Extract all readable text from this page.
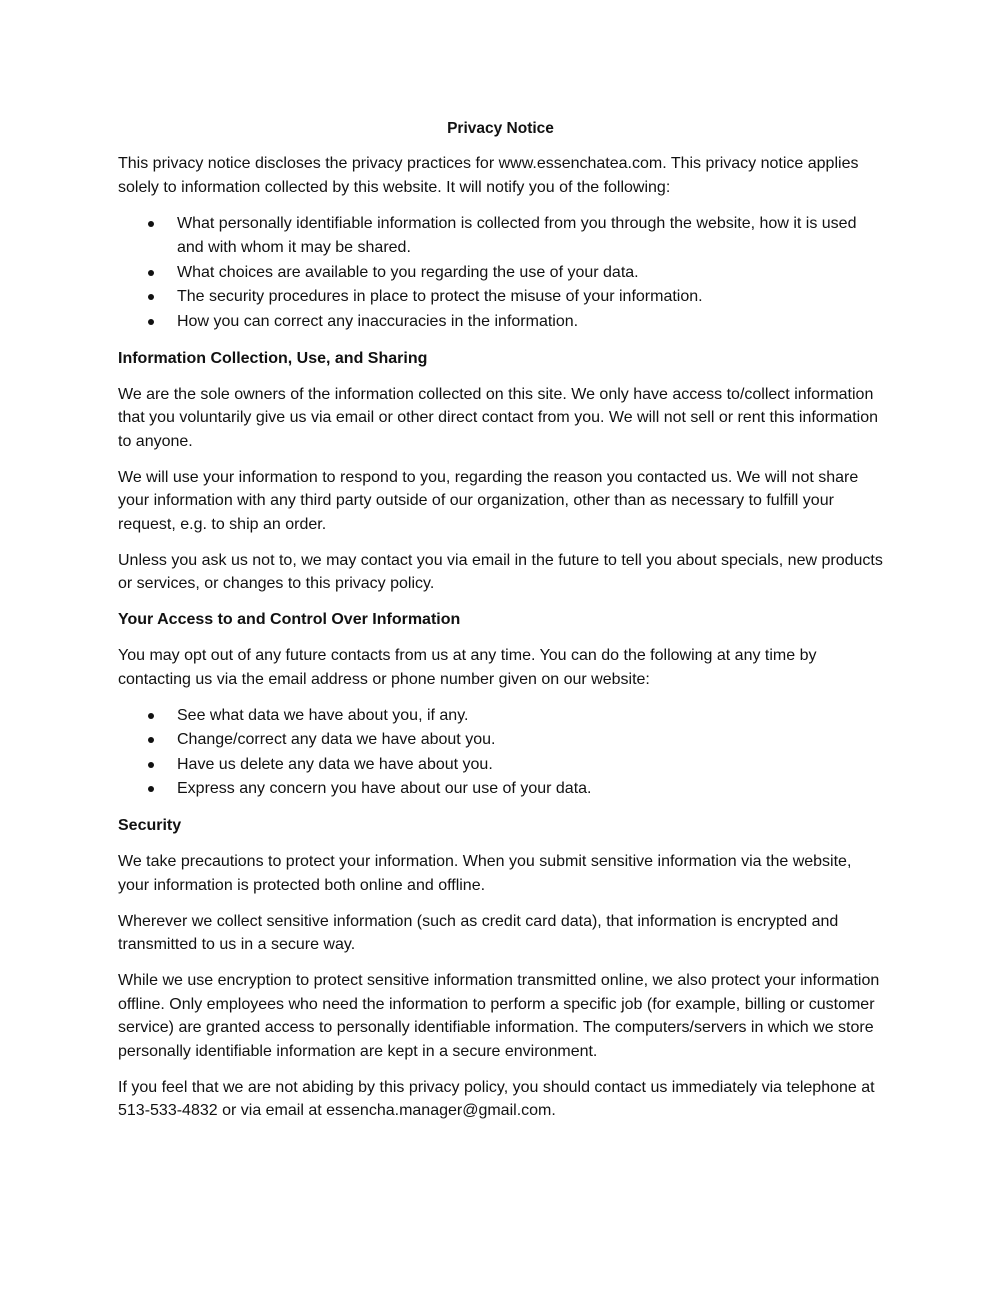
Privacy Notice

This privacy notice discloses the privacy practices for www.essenchatea.com. This privacy notice applies solely to information collected by this website. It will notify you of the following:

What personally identifiable information is collected from you through the website, how it is used and with whom it may be shared.
What choices are available to you regarding the use of your data.
The security procedures in place to protect the misuse of your information.
How you can correct any inaccuracies in the information.
Information Collection, Use, and Sharing

We are the sole owners of the information collected on this site. We only have access to/collect information that you voluntarily give us via email or other direct contact from you. We will not sell or rent this information to anyone.

We will use your information to respond to you, regarding the reason you contacted us. We will not share your information with any third party outside of our organization, other than as necessary to fulfill your request, e.g. to ship an order.

Unless you ask us not to, we may contact you via email in the future to tell you about specials, new products or services, or changes to this privacy policy.

Your Access to and Control Over Information

You may opt out of any future contacts from us at any time. You can do the following at any time by contacting us via the email address or phone number given on our website:

See what data we have about you, if any.
Change/correct any data we have about you.
Have us delete any data we have about you.
Express any concern you have about our use of your data.
Security

We take precautions to protect your information. When you submit sensitive information via the website, your information is protected both online and offline.

Wherever we collect sensitive information (such as credit card data), that information is encrypted and transmitted to us in a secure way.

While we use encryption to protect sensitive information transmitted online, we also protect your information offline. Only employees who need the information to perform a specific job (for example, billing or customer service) are granted access to personally identifiable information. The computers/servers in which we store personally identifiable information are kept in a secure environment.

If you feel that we are not abiding by this privacy policy, you should contact us immediately via telephone at 513-533-4832 or via email at essencha.manager@gmail.com.
